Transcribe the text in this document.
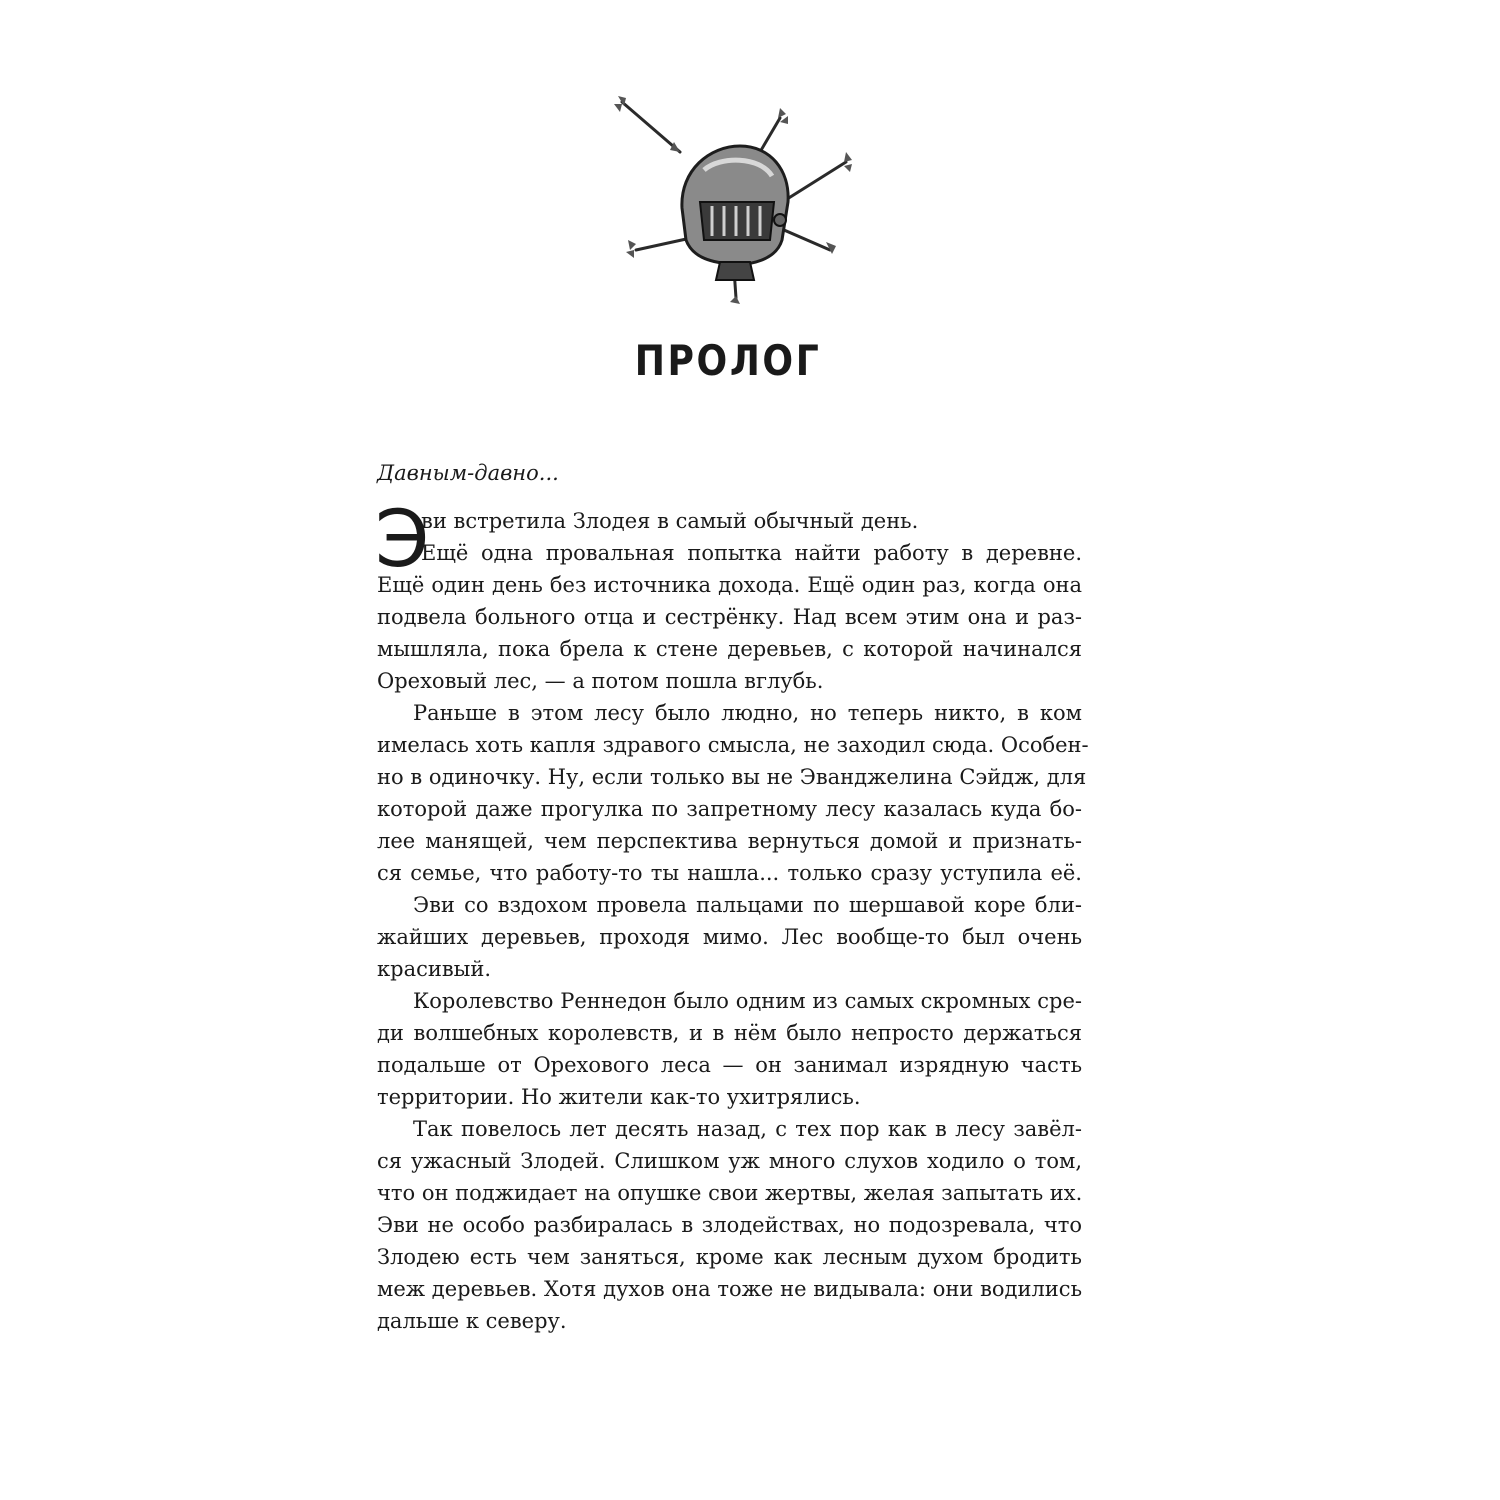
ПРОЛОГ
Давным-давно...
Э
ви встретила Злодея в самый обычный день.
Ещё одна провальная попытка найти работу в деревне.
Ещё один день без источника дохода. Ещё один раз, когда она
подвела больного отца и сестрёнку. Над всем этим она и раз-
мышляла, пока брела к стене деревьев, с которой начинался
Ореховый лес, — а потом пошла вглубь.
Раньше в этом лесу было людно, но теперь никто, в ком
имелась хоть капля здравого смысла, не заходил сюда. Особен-
но в одиночку. Ну, если только вы не Эванджелина Сэйдж, для
которой даже прогулка по запретному лесу казалась куда бо-
лее манящей, чем перспектива вернуться домой и признать-
ся семье, что работу-то ты нашла... только сразу уступила её.
Эви со вздохом провела пальцами по шершавой коре бли-
жайших деревьев, проходя мимо. Лес вообще-то был очень
красивый.
Королевство Реннедон было одним из самых скромных сре-
ди волшебных королевств, и в нём было непросто держаться
подальше от Орехового леса — он занимал изрядную часть
территории. Но жители как-то ухитрялись.
Так повелось лет десять назад, с тех пор как в лесу завёл-
ся ужасный Злодей. Слишком уж много слухов ходило о том,
что он поджидает на опушке свои жертвы, желая запытать их.
Эви не особо разбиралась в злодействах, но подозревала, что
Злодею есть чем заняться, кроме как лесным духом бродить
меж деревьев. Хотя духов она тоже не видывала: они водились
дальше к северу.
